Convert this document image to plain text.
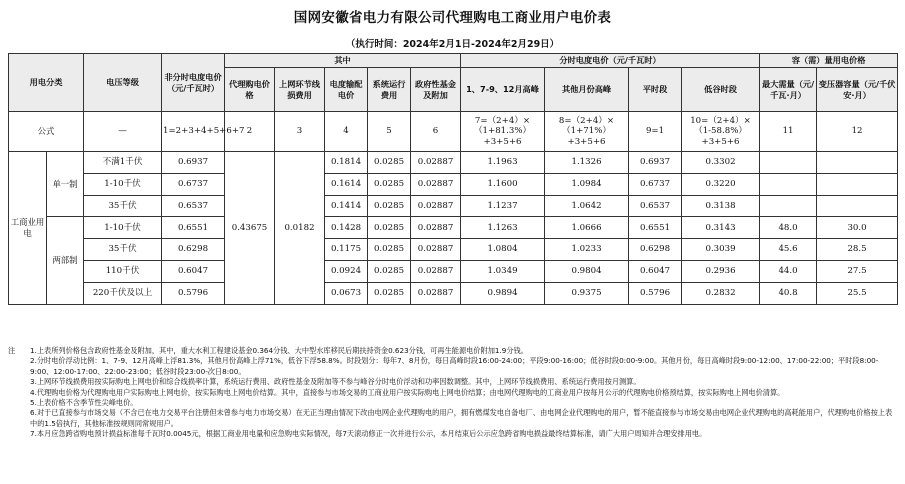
国网安徽省电力有限公司代理购电工商业用户电价表
（执行时间：2024年2月1日-2024年2月29日）
用电分类		电压等级	非分时电度电价（元/千瓦时）	其中					分时电度电价（元/千瓦时）				容（需）量用电价格	
				代理购电价格	上网环节线损费用	电度输配电价	系统运行费用	政府性基金及附加	1、7-9、12月高峰	其他月份高峰	平时段	低谷时段	最大需量（元/千瓦·月）	变压器容量（元/千伏安·月）
公式		—	1=2+3+4+5+6+7	2	3	4	5	6	7=（2+4）×（1+81.3%）+3+5+6	8=（2+4）×（1+71%）+3+5+6	9=1	10=（2+4）×（1-58.8%）+3+5+6	11	12
工商业用电	单一制	不满1千伏	0.6937	0.43675	0.0182	0.1814	0.0285	0.02887	1.1963	1.1326	0.6937	0.3302		
		1-10千伏	0.6737			0.1614	0.0285	0.02887	1.1600	1.0984	0.6737	0.3220		
		35千伏	0.6537			0.1414	0.0285	0.02887	1.1237	1.0642	0.6537	0.3138		
	两部制	1-10千伏	0.6551			0.1428	0.0285	0.02887	1.1263	1.0666	0.6551	0.3143	48.0	30.0
		35千伏	0.6298			0.1175	0.0285	0.02887	1.0804	1.0233	0.6298	0.3039	45.6	28.5
		110千伏	0.6047			0.0924	0.0285	0.02887	1.0349	0.9804	0.6047	0.2936	44.0	27.5
		220千伏及以上	0.5796			0.0673	0.0285	0.02887	0.9894	0.9375	0.5796	0.2832	40.8	25.5
注	1.上表所列价格包含政府性基金及附加，其中，重大水利工程建设基金0.364分钱、大中型水库移民后期扶持资金0.623分钱，可再生能源电价附加1.9分钱。
2.分时电价浮动比例：1、7-9、12月高峰上浮81.3%，其他月份高峰上浮71%，低谷下浮58.8%。时段划分：每年7、8月份，每日高峰时段16:00-24:00；平段9:00-16:00；低谷时段0:00-9:00。其他月份，每日高峰时段9:00-12:00、17:00-22:00；平时段8:00-9:00、12:00-17:00、22:00-23:00；低谷时段23:00-次日8:00。
3.上网环节线损费用按实际购电上网电价和综合线损率计算，系统运行费用、政府性基金及附加等不参与峰谷分时电价浮动和功率因数调整。其中，上网环节线损费用、系统运行费用按月测算。
4.代理购电价格为代理购电用户实际购电上网电价，按实际购电上网电价结算。其中，直接参与市场交易的工商业用户按实际购电上网电价结算；由电网代理购电的工商业用户按每月公示的代理购电价格预结算，按实际购电上网电价清算。
5.上表价格不含季节性尖峰电价。
6.对于已直接参与市场交易（不含已在电力交易平台注册但未曾参与电力市场交易）在无正当理由情况下改由电网企业代理购电的用户，拥有燃煤发电自备电厂、由电网企业代理购电的用户，暂不能直接参与市场交易由电网企业代理购电的高耗能用户，代理购电价格按上表中的1.5倍执行，其他标准按规则同常规用户。
7.本月应急跨省购电预计损益标准每千瓦时0.0045元，根据工商业用电量和应急购电实际情况，每7天滚动修正一次并进行公示，本月结束后公示应急跨省购电损益最终结算标准，请广大用户周知并合理安排用电。
